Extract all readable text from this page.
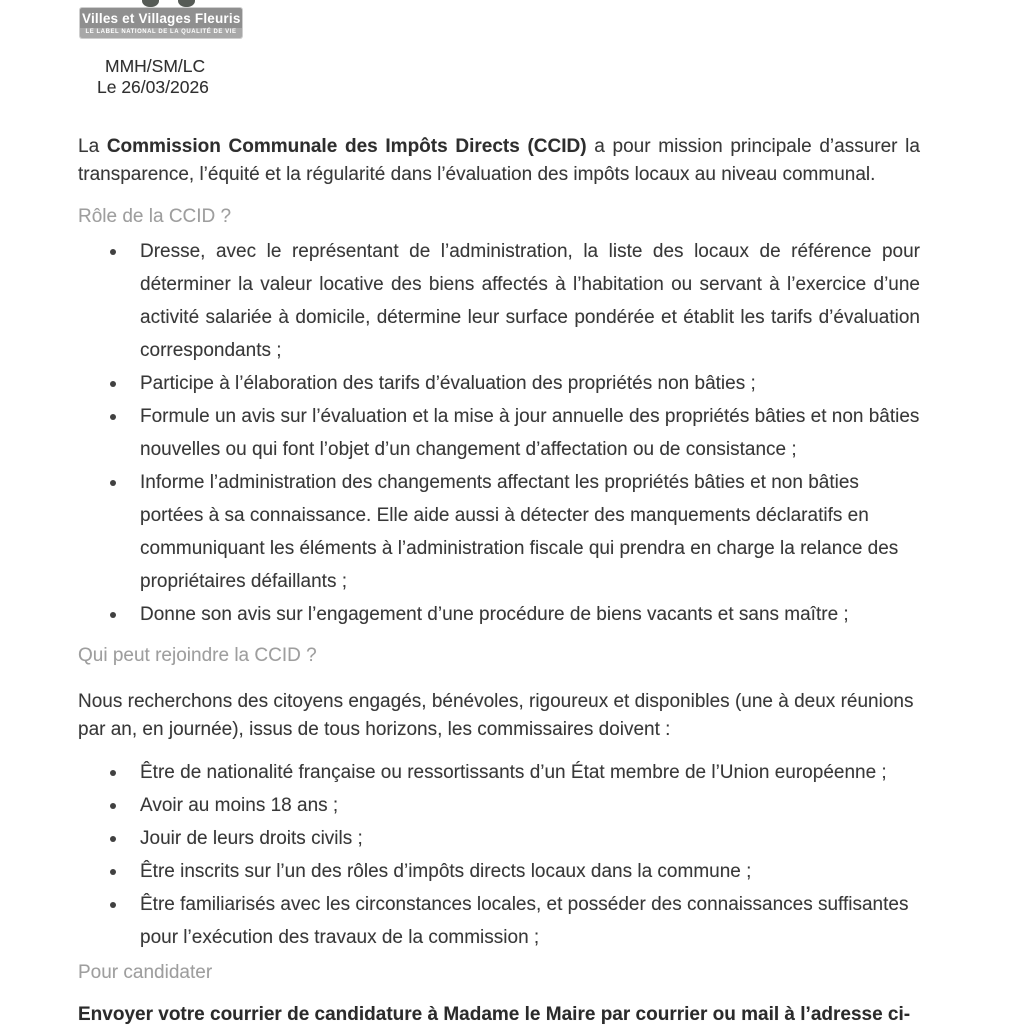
Villes et Villages Fleuris
LE LABEL NATIONAL DE LA QUALITÉ DE VIE
MMH/SM/LC
Le 26/03/2026

La Commission Communale des Impôts Directs (CCID) a pour mission principale d’assurer la transparence, l’équité et la régularité dans l’évaluation des impôts locaux au niveau communal.

Rôle de la CCID ?
Dresse, avec le représentant de l’administration, la liste des locaux de référence pour déterminer la valeur locative des biens affectés à l’habitation ou servant à l’exercice d’une activité salariée à domicile, détermine leur surface pondérée et établit les tarifs d’évaluation correspondants ;
Participe à l’élaboration des tarifs d’évaluation des propriétés non bâties ;
Formule un avis sur l’évaluation et la mise à jour annuelle des propriétés bâties et non bâties nouvelles ou qui font l’objet d’un changement d’affectation ou de consistance ;
Informe l’administration des changements affectant les propriétés bâties et non bâties portées à sa connaissance. Elle aide aussi à détecter des manquements déclaratifs en communiquant les éléments à l’administration fiscale qui prendra en charge la relance des propriétaires défaillants ;
Donne son avis sur l’engagement d’une procédure de biens vacants et sans maître ;
Qui peut rejoindre la CCID ?

Nous recherchons des citoyens engagés, bénévoles, rigoureux et disponibles (une à deux réunions par an, en journée), issus de tous horizons, les commissaires doivent :

Être de nationalité française ou ressortissants d’un État membre de l’Union européenne ;
Avoir au moins 18 ans ;
Jouir de leurs droits civils ;
Être inscrits sur l’un des rôles d’impôts directs locaux dans la commune ;
Être familiarisés avec les circonstances locales, et posséder des connaissances suffisantes pour l’exécution des travaux de la commission ;
Pour candidater

Envoyer votre courrier de candidature à Madame le Maire par courrier ou mail à l’adresse ci-
